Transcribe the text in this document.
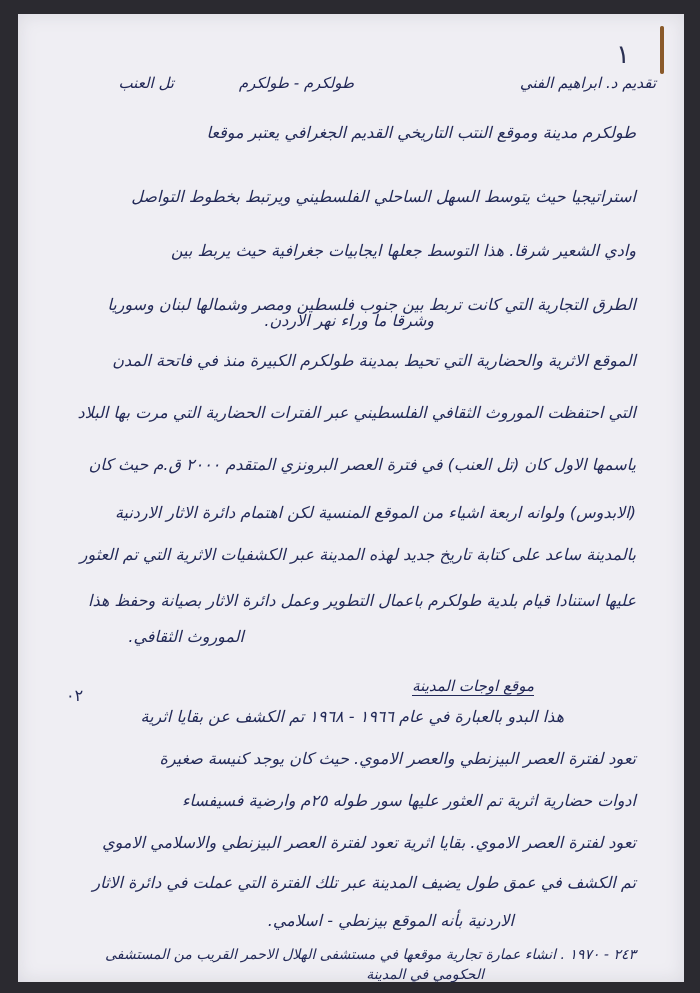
١
تل العنب	طولكرم - طولكرم	تقديم د. ابراهيم الفني
طولكرم مدينة وموقع النتب التاريخي القديم الجغرافي يعتبر موقعا
استراتيجيا حيث يتوسط السهل الساحلي الفلسطيني ويرتبط بخطوط التواصل
وادي الشعير شرقا. هذا التوسط جعلها ايجابيات جغرافية حيث يربط بين
الطرق التجارية التي كانت تربط بين جنوب فلسطين ومصر وشمالها لبنان وسوريا
وشرقا ما وراء نهر الاردن.
الموقع الاثرية والحضارية التي تحيط بمدينة طولكرم الكبيرة منذ في فاتحة المدن
التي احتفظت الموروث الثقافي الفلسطيني عبر الفترات الحضارية التي مرت بها البلاد
ياسمها الاول كان (تل العنب) في فترة العصر البرونزي المتقدم ٢٠٠٠ ق.م حيث كان
(الابدوس) ولوانه اربعة اشياء من الموقع المنسية لكن اهتمام دائرة الاثار الاردنية
بالمدينة ساعد على كتابة تاريخ جديد لهذه المدينة عبر الكشفيات الاثرية التي تم العثور
عليها استنادا قيام بلدية طولكرم باعمال التطوير وعمل دائرة الاثار بصيانة وحفظ هذا
الموروث الثقافي.
٠٢	موقع اوجات المدينة
هذا البدو بالعبارة في عام ١٩٦٦ - ١٩٦٨ تم الكشف عن بقايا اثرية
تعود لفترة العصر البيزنطي والعصر الاموي. حيث كان يوجد كنيسة صغيرة
ادوات حضارية اثرية تم العثور عليها سور طوله ٢٥م وارضية فسيفساء
تعود لفترة العصر الاموي. بقايا اثرية تعود لفترة العصر البيزنطي والاسلامي الاموي
تم الكشف في عمق طول يضيف المدينة عبر تلك الفترة التي عملت في دائرة الاثار
الاردنية بأنه الموقع بيزنطي - اسلامي.
٢٤٣ - ١٩٧٠ . انشاء عمارة تجارية موقعها في مستشفى الهلال الاحمر القريب من المستشفى
الحكومي في المدينة
